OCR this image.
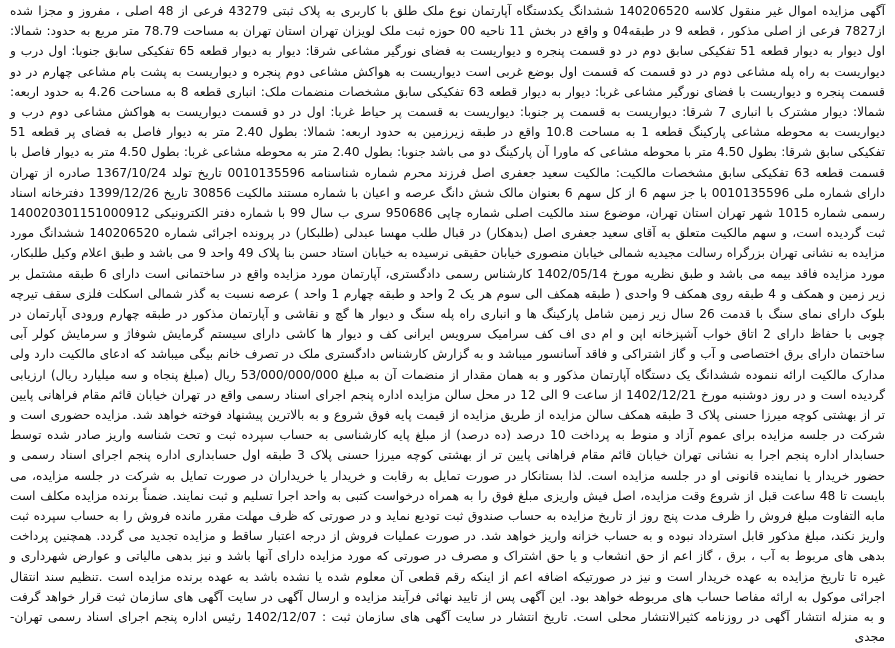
آگهی مزایده اموال غیر منقول کلاسه 140206520 ششدانگ یکدستگاه آپارتمان نوع ملک طلق با کاربری به پلاک ثبتی 43279 فرعی از 48 اصلی ، مفروز و مجزا شده از7827 فرعی از اصلی مذکور ، قطعه 9 در طبقه04 و واقع در بخش 11 ناحیه 00 حوزه ثبت ملک لویزان تهران استان تهران به مساحت 78.79 متر مربع به حدود: شمالا: اول دیوار به دیوار قطعه 51 تفکیکی سابق دوم در دو قسمت پنجره و دیواریست به فضای نورگیر مشاعی شرقا: دیوار به دیوار قطعه 65 تفکیکی سابق جنوبا: اول درب و دیواریست به راه پله مشاعی دوم در دو قسمت که قسمت اول بوضع غربی است دیواریست به هواکش مشاعی دوم پنجره و دیواریست به پشت بام مشاعی چهارم در دو قسمت پنجره و دیواریست با فضای نورگیر مشاعی غربا: دیوار به دیوار قطعه 63 تفکیکی سابق مشخصات منضمات ملک: انباری قطعه 8 به مساحت 4.26 به حدود اربعه: شمالا: دیوار مشترک با انباری 7 شرقا: دیواریست به قسمت پر جنوبا: دیواریست به قسمت پر حیاط غربا: اول در دو قسمت دیواریست به هواکش مشاعی دوم درب و دیواریست به محوطه مشاعی پارکینگ قطعه 1 به مساحت 10.8 واقع در طبقه زیرزمین به حدود اربعه: شمالا: بطول 2.40 متر به دیوار فاصل به فضای پر قطعه 51 تفکیکی سابق شرقا: بطول 4.50 متر با محوطه مشاعی که ماورا آن پارکینگ دو می باشد جنوبا: بطول 2.40 متر به محوطه مشاعی غربا: بطول 4.50 متر به دیوار فاصل با قسمت قطعه 63 تفکیکی سابق مشخصات مالکیت: مالکیت سعید جعفری اصل فرزند محرم شماره شناسنامه 0010135596 تاریخ تولد 1367/10/24 صادره از تهران دارای شماره ملی 0010135596 با جز سهم 6 از کل سهم 6 بعنوان مالک شش دانگ عرصه و اعیان با شماره مستند مالکیت 30856 تاریخ 1399/12/26 دفترخانه اسناد رسمی شماره 1015 شهر تهران استان تهران، موضوع سند مالکیت اصلی شماره چاپی 950686 سری ب سال 99 با شماره دفتر الکترونیکی 140020301151000912 ثبت گردیده است، و سهم مالکیت متعلق به آقای سعید جعفری اصل (بدهکار) در قبال طلب مهسا عبدلی (طلبکار) در پرونده اجرائی شماره 140206520 ششدانگ مورد مزایده به نشانی تهران بزرگراه رسالت مجیدیه شمالی خیابان منصوری خیابان حقیقی نرسیده به خیابان استاد حسن بنا پلاک 49 واحد 9 می باشد و طبق اعلام وکیل طلبکار، مورد مزایده فاقد بیمه می باشد و طبق نظریه مورخ 1402/05/14 کارشناس رسمی دادگستری، آپارتمان مورد مزایده واقع در ساختمانی است دارای 6 طبقه مشتمل بر زیر زمین و همکف و 4 طبقه روی همکف 9 واحدی ( طبقه همکف الی سوم هر یک 2 واحد و طبقه چهارم 1 واحد ) عرصه نسبت به گذر شمالی اسکلت فلزی سقف تیرچه بلوک دارای نمای سنگ با قدمت 26 سال زیر زمین شامل پارکینگ ها و انباری راه پله سنگ و دیوار ها گچ و نقاشی و آپارتمان مذکور در طبقه چهارم ورودی آپارتمان در چوبی با حفاظ دارای 2 اتاق خواب آشپزخانه اپن و ام دی اف کف سرامیک سرویس ایرانی کف و دیوار ها کاشی دارای سیستم گرمایش شوفاژ و سرمایش کولر آبی ساختمان دارای برق اختصاصی و آب و گاز اشتراکی و فاقد آسانسور میباشد و به گزارش کارشناس دادگستری ملک در تصرف خانم بیگی میباشد که ادعای مالکیت دارد ولی مدارک مالکیت ارائه ننموده ششدانگ یک دستگاه آپارتمان مذکور و به همان مقدار از منضمات آن به مبلغ 53/000/000/000 ریال (مبلغ پنجاه و سه میلیارد ریال) ارزیابی گردیده است و در روز دوشنبه مورخ 1402/12/21 از ساعت 9 الی 12 در محل سالن مزایده اداره پنجم اجرای اسناد رسمی واقع در تهران خیابان قائم مقام فراهانی پایین تر از بهشتی کوچه میرزا حسنی پلاک 3 طبقه همکف سالن مزایده از طریق مزایده از قیمت پایه فوق شروع و به بالاترین پیشنهاد فوخته خواهد شد. مزایده حضوری است و شرکت در جلسه مزایده برای عموم آزاد و منوط به پرداخت 10 درصد (ده درصد) از مبلغ پایه کارشناسی به حساب سپرده ثبت و تحت شناسه واریز صادر شده توسط حسابدار اداره پنجم اجرا به نشانی تهران خیابان قائم مقام فراهانی پایین تر از بهشتی کوچه میرزا حسنی پلاک 3 طبقه اول حسابداری اداره پنجم اجرای اسناد رسمی و حضور خریدار یا نماینده قانونی او در جلسه مزایده است. لذا بستانکار در صورت تمایل به رقابت و خریدار یا خریداران در صورت تمایل به شرکت در جلسه مزایده، می بایست تا 48 ساعت قبل از شروع وقت مزایده، اصل فیش واریزی مبلغ فوق را به همراه درخواست کتبی به واحد اجرا تسلیم و ثبت نمایند. ضمناً برنده مزایده مکلف است مابه التفاوت مبلغ فروش را ظرف مدت پنج روز از تاریخ مزایده به حساب صندوق ثبت تودیع نماید و در صورتی که ظرف مهلت مقرر مانده فروش را به حساب سپرده ثبت واریز نکند، مبلغ مذکور قابل استرداد نبوده و به حساب خزانه واریز خواهد شد. در صورت عملیات فروش از درجه اعتبار ساقط و مزایده تجدید می گردد. همچنین پرداخت بدهی های مربوط به آب ، برق ، گاز اعم از حق انشعاب و یا حق اشتراک و مصرف در صورتی که مورد مزایده دارای آنها باشد و نیز بدهی مالیاتی و عوارض شهرداری و غیره تا تاریخ مزایده به عهده خریدار است و نیز در صورتیکه اضافه اعم از اینکه رقم قطعی آن معلوم شده یا نشده باشد به عهده برنده مزایده است .تنظیم سند انتقال اجرائی موکول به ارائه مفاصا حساب های مربوطه خواهد بود. این آگهی پس از تایید نهائی فرآیند مزایده و ارسال آگهی در سایت آگهی های سازمان ثبت قرار خواهد گرفت و به منزله انتشار آگهی در روزنامه کثیرالانتشار محلی است. تاریخ انتشار در سایت آگهی های سازمان ثبت : 1402/12/07 رئیس اداره پنجم اجرای اسناد رسمی تهران-مجدی
